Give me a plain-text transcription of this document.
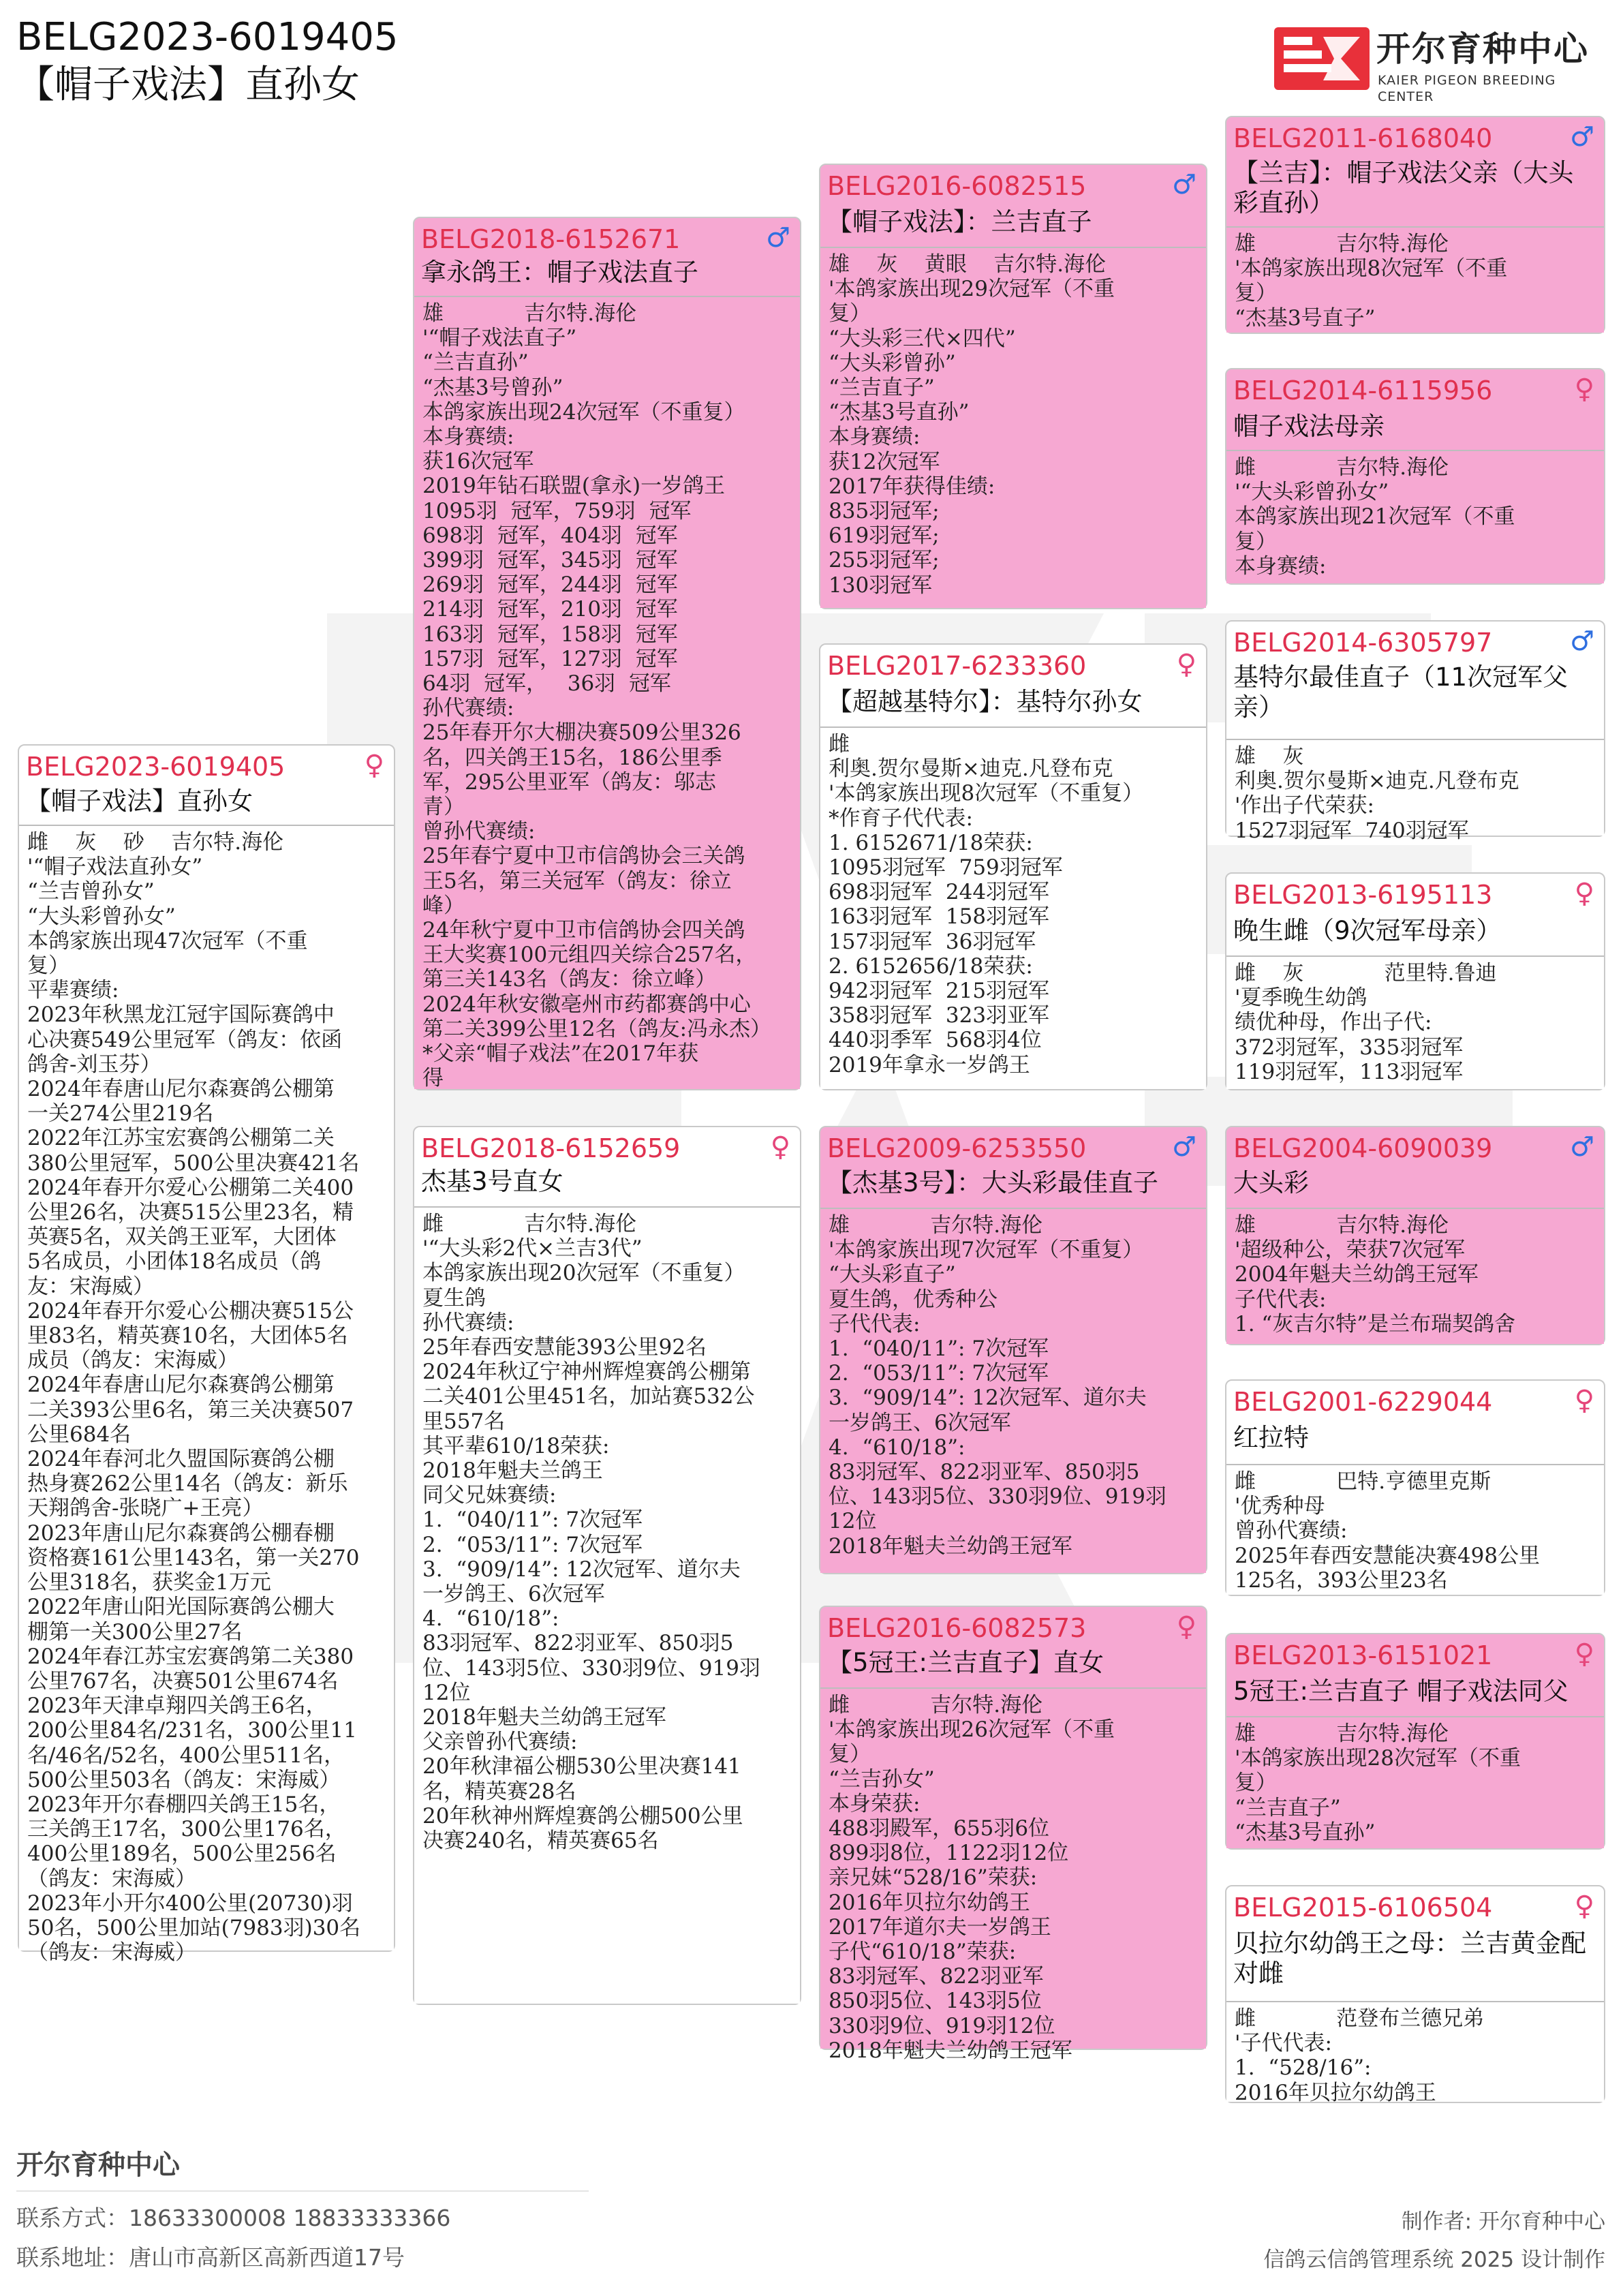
BELG2023-6019405
【帽子戏法】直孙女
开尔育种中心
KAIER PIGEON BREEDING CENTER
BELG2023-6019405	♀
【帽子戏法】直孙女
雌    灰    砂    吉尔特.海伦
'“帽子戏法直孙女”
“兰吉曾孙女”
“大头彩曾孙女”
本鸽家族出现47次冠军（不重
复）
平辈赛绩:
2023年秋黑龙江冠宇国际赛鸽中
心决赛549公里冠军（鸽友：依函
鸽舍-刘玉芬）
2024年春唐山尼尔森赛鸽公棚第
一关274公里219名
2022年江苏宝宏赛鸽公棚第二关
380公里冠军，500公里决赛421名
2024年春开尔爱心公棚第二关400
公里26名，决赛515公里23名，精
英赛5名，双关鸽王亚军，大团体
5名成员，小团体18名成员（鸽
友：宋海威）
2024年春开尔爱心公棚决赛515公
里83名，精英赛10名，大团体5名
成员（鸽友：宋海威）
2024年春唐山尼尔森赛鸽公棚第
二关393公里6名，第三关决赛507
公里684名
2024年春河北久盟国际赛鸽公棚
热身赛262公里14名（鸽友：新乐
天翔鸽舍-张晓广+王亮）
2023年唐山尼尔森赛鸽公棚春棚
资格赛161公里143名，第一关270
公里318名，获奖金1万元
2022年唐山阳光国际赛鸽公棚大
棚第一关300公里27名
2024年春江苏宝宏赛鸽第二关380
公里767名，决赛501公里674名
2023年天津卓翔四关鸽王6名，
200公里84名/231名，300公里11
名/46名/52名，400公里511名，
500公里503名（鸽友：宋海威）
2023年开尔春棚四关鸽王15名，
三关鸽王17名，300公里176名，
400公里189名，500公里256名
（鸽友：宋海威）
2023年小开尔400公里(20730)羽
50名，500公里加站(7983羽)30名
（鸽友：宋海威）
BELG2018-6152671	♂
拿永鸽王：帽子戏法直子
雄            吉尔特.海伦
'“帽子戏法直子”
“兰吉直孙”
“杰基3号曾孙”
本鸽家族出现24次冠军（不重复）
本身赛绩:
获16次冠军
2019年钻石联盟(拿永)一岁鸽王
1095羽  冠军，759羽  冠军
698羽  冠军，404羽  冠军
399羽  冠军，345羽  冠军
269羽  冠军，244羽  冠军
214羽  冠军，210羽  冠军
163羽  冠军，158羽  冠军
157羽  冠军，127羽  冠军
64羽  冠军，   36羽  冠军
孙代赛绩:
25年春开尔大棚决赛509公里326
名，四关鸽王15名，186公里季
军，295公里亚军（鸽友：邬志
青）
曾孙代赛绩:
25年春宁夏中卫市信鸽协会三关鸽
王5名，第三关冠军（鸽友：徐立
峰）
24年秋宁夏中卫市信鸽协会四关鸽
王大奖赛100元组四关综合257名，
第三关143名（鸽友：徐立峰）
2024年秋安徽亳州市药都赛鸽中心
第二关399公里12名（鸽友:冯永杰）
*父亲“帽子戏法”在2017年获
得
BELG2018-6152659	♀
杰基3号直女
雌            吉尔特.海伦
'“大头彩2代×兰吉3代”
本鸽家族出现20次冠军（不重复）
夏生鸽
孙代赛绩:
25年春西安慧能393公里92名
2024年秋辽宁神州辉煌赛鸽公棚第
二关401公里451名，加站赛532公
里557名
其平辈610/18荣获:
2018年魁夫兰鸽王
同父兄妹赛绩:
1.  “040/11”: 7次冠军
2.  “053/11”: 7次冠军
3.  “909/14”: 12次冠军、道尔夫
一岁鸽王、6次冠军
4.  “610/18”:
83羽冠军、822羽亚军、850羽5
位、143羽5位、330羽9位、919羽
12位
2018年魁夫兰幼鸽王冠军
父亲曾孙代赛绩:
20年秋津福公棚530公里决赛141
名，精英赛28名
20年秋神州辉煌赛鸽公棚500公里
决赛240名，精英赛65名
BELG2016-6082515	♂
【帽子戏法】：兰吉直子
雄    灰    黄眼    吉尔特.海伦
'本鸽家族出现29次冠军（不重
复）
“大头彩三代×四代”
“大头彩曾孙”
“兰吉直子”
“杰基3号直孙”
本身赛绩:
获12次冠军
2017年获得佳绩:
835羽冠军;
619羽冠军;
255羽冠军;
130羽冠军
BELG2017-6233360	♀
【超越基特尔】：基特尔孙女
雌
利奥.贺尔曼斯×迪克.凡登布克
'本鸽家族出现8次冠军（不重复）
*作育子代代表:
1. 6152671/18荣获:
1095羽冠军  759羽冠军
698羽冠军  244羽冠军
163羽冠军  158羽冠军
157羽冠军  36羽冠军
2. 6152656/18荣获:
942羽冠军  215羽冠军
358羽冠军  323羽亚军
440羽季军  568羽4位
2019年拿永一岁鸽王
BELG2009-6253550	♂
【杰基3号】：大头彩最佳直子
雄            吉尔特.海伦
'本鸽家族出现7次冠军（不重复）
“大头彩直子”
夏生鸽，优秀种公
子代代表:
1.  “040/11”: 7次冠军
2.  “053/11”: 7次冠军
3.  “909/14”: 12次冠军、道尔夫
一岁鸽王、6次冠军
4.  “610/18”:
83羽冠军、822羽亚军、850羽5
位、143羽5位、330羽9位、919羽
12位
2018年魁夫兰幼鸽王冠军
BELG2016-6082573	♀
【5冠王:兰吉直子】直女
雌            吉尔特.海伦
'本鸽家族出现26次冠军（不重
复）
“兰吉孙女”
本身荣获:
488羽殿军，655羽6位
899羽8位，1122羽12位
亲兄妹“528/16”荣获:
2016年贝拉尔幼鸽王
2017年道尔夫一岁鸽王
子代“610/18”荣获:
83羽冠军、822羽亚军
850羽5位、143羽5位
330羽9位、919羽12位
2018年魁夫兰幼鸽王冠军
BELG2011-6168040	♂
【兰吉】：帽子戏法父亲（大头彩直孙）
雄            吉尔特.海伦
'本鸽家族出现8次冠军（不重
复）
“杰基3号直子”
BELG2014-6115956	♀
帽子戏法母亲
雌            吉尔特.海伦
'“大头彩曾孙女”
本鸽家族出现21次冠军（不重
复）
本身赛绩:
BELG2014-6305797	♂
基特尔最佳直子（11次冠军父亲）
雄    灰
利奥.贺尔曼斯×迪克.凡登布克
'作出子代荣获:
1527羽冠军  740羽冠军
BELG2013-6195113	♀
晚生雌（9次冠军母亲）
雌    灰            范里特.鲁迪
'夏季晚生幼鸽
绩优种母，作出子代:
372羽冠军，335羽冠军
119羽冠军，113羽冠军
BELG2004-6090039	♂
大头彩
雄            吉尔特.海伦
'超级种公，荣获7次冠军
2004年魁夫兰幼鸽王冠军
子代代表:
1. “灰吉尔特”是兰布瑞契鸽舍
BELG2001-6229044	♀
红拉特
雌            巴特.亨德里克斯
'优秀种母
曾孙代赛绩:
2025年春西安慧能决赛498公里
125名，393公里23名
BELG2013-6151021	♀
5冠王:兰吉直子 帽子戏法同父
雄            吉尔特.海伦
'本鸽家族出现28次冠军（不重
复）
“兰吉直子”
“杰基3号直孙”
BELG2015-6106504	♀
贝拉尔幼鸽王之母：兰吉黄金配对雌
雌            范登布兰德兄弟
'子代代表:
1.  “528/16”:
2016年贝拉尔幼鸽王
开尔育种中心
联系方式：18633300008 18833333366
联系地址：唐山市高新区高新西道17号
制作者: 开尔育种中心
信鸽云信鸽管理系统 2025 设计制作
